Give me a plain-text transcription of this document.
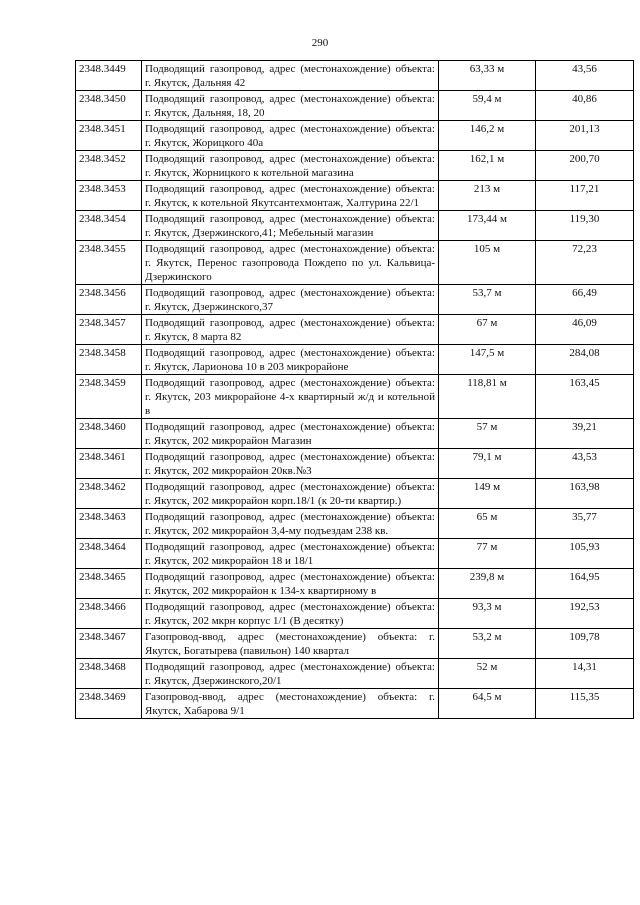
290
2348.3449	Подводящий газопровод, адрес (местонахождение) объекта: г. Якутск, Дальняя 42	63,33 м	43,56
2348.3450	Подводящий газопровод, адрес (местонахождение) объекта: г. Якутск, Дальняя, 18, 20	59,4 м	40,86
2348.3451	Подводящий газопровод, адрес (местонахождение) объекта: г. Якутск, Жорицкого 40а	146,2 м	201,13
2348.3452	Подводящий газопровод, адрес (местонахождение) объекта: г. Якутск, Жорницкого к котельной магазина	162,1 м	200,70
2348.3453	Подводящий газопровод, адрес (местонахождение) объекта: г. Якутск, к котельной Якутсантехмонтаж, Халтурина 22/1	213 м	117,21
2348.3454	Подводящий газопровод, адрес (местонахождение) объекта: г. Якутск, Дзержинского,41; Мебельный магазин	173,44 м	119,30
2348.3455	Подводящий газопровод, адрес (местонахождение) объекта: г. Якутск, Перенос газопровода Пождепо по ул. Кальвица-Дзержинского	105 м	72,23
2348.3456	Подводящий газопровод, адрес (местонахождение) объекта: г. Якутск, Дзержинского,37	53,7 м	66,49
2348.3457	Подводящий газопровод, адрес (местонахождение) объекта: г. Якутск, 8 марта 82	67 м	46,09
2348.3458	Подводящий газопровод, адрес (местонахождение) объекта: г. Якутск, Ларионова 10 в 203 микрорайоне	147,5 м	284,08
2348.3459	Подводящий газопровод, адрес (местонахождение) объекта: г. Якутск, 203 микрорайоне 4-х квартирный ж/д и котельной в	118,81 м	163,45
2348.3460	Подводящий газопровод, адрес (местонахождение) объекта: г. Якутск, 202 микрорайон Магазин	57 м	39,21
2348.3461	Подводящий газопровод, адрес (местонахождение) объекта: г. Якутск, 202 микрорайон 20кв.№3	79,1 м	43,53
2348.3462	Подводящий газопровод, адрес (местонахождение) объекта: г. Якутск, 202 микрорайон корп.18/1 (к 20-ти квартир.)	149 м	163,98
2348.3463	Подводящий газопровод, адрес (местонахождение) объекта: г. Якутск, 202 микрорайон 3,4-му подъездам 238 кв.	65 м	35,77
2348.3464	Подводящий газопровод, адрес (местонахождение) объекта: г. Якутск, 202 микрорайон 18 и 18/1	77 м	105,93
2348.3465	Подводящий газопровод, адрес (местонахождение) объекта: г. Якутск, 202 микрорайон к 134-х квартирному в	239,8 м	164,95
2348.3466	Подводящий газопровод, адрес (местонахождение) объекта: г. Якутск, 202 мкрн корпус 1/1 (В десятку)	93,3 м	192,53
2348.3467	Газопровод-ввод, адрес (местонахождение) объекта: г. Якутск, Богатырева (павильон) 140 квартал	53,2 м	109,78
2348.3468	Подводящий газопровод, адрес (местонахождение) объекта: г. Якутск, Дзержинского,20/1	52 м	14,31
2348.3469	Газопровод-ввод, адрес (местонахождение) объекта: г. Якутск, Хабарова 9/1	64,5 м	115,35
